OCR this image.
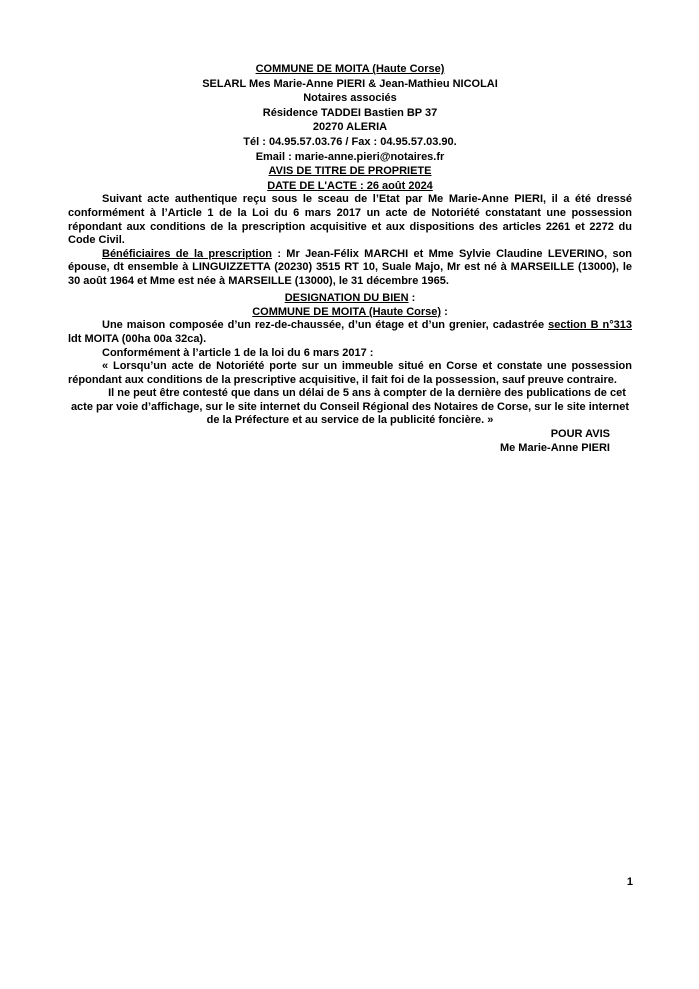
COMMUNE DE MOITA (Haute Corse)
SELARL Mes Marie-Anne PIERI & Jean-Mathieu NICOLAI
Notaires associés
Résidence TADDEI Bastien BP 37
20270 ALERIA
Tél : 04.95.57.03.76 / Fax : 04.95.57.03.90.
Email : marie-anne.pieri@notaires.fr
AVIS DE TITRE DE PROPRIETE
DATE DE L'ACTE : 26 août 2024

Suivant acte authentique reçu sous le sceau de l’Etat par Me Marie-Anne PIERI, il a été dressé conformément à l’Article 1 de la Loi du 6 mars 2017 un acte de Notoriété constatant une possession répondant aux conditions de la prescription acquisitive et aux dispositions des articles 2261 et 2272 du Code Civil.

Bénéficiaires de la prescription : Mr Jean-Félix MARCHI et Mme Sylvie Claudine LEVERINO, son épouse, dt ensemble à LINGUIZZETTA (20230) 3515 RT 10, Suale Majo, Mr est né à MARSEILLE (13000), le 30 août 1964 et Mme est née à MARSEILLE (13000), le 31 décembre 1965.

DESIGNATION DU BIEN :
COMMUNE DE MOITA (Haute Corse) :

Une maison composée d’un rez-de-chaussée, d’un étage et d’un grenier, cadastrée section B n°313 ldt MOITA (00ha 00a 32ca).

Conformément à l’article 1 de la loi du 6 mars 2017 :

« Lorsqu’un acte de Notoriété porte sur un immeuble situé en Corse et constate une possession répondant aux conditions de la prescriptive acquisitive, il fait foi de la possession, sauf preuve contraire.

Il ne peut être contesté que dans un délai de 5 ans à compter de la dernière des publications de cet acte par voie d’affichage, sur le site internet du Conseil Régional des Notaires de Corse, sur le site internet de la Préfecture et au service de la publicité foncière. »

POUR AVIS
Me Marie-Anne PIERI
1
